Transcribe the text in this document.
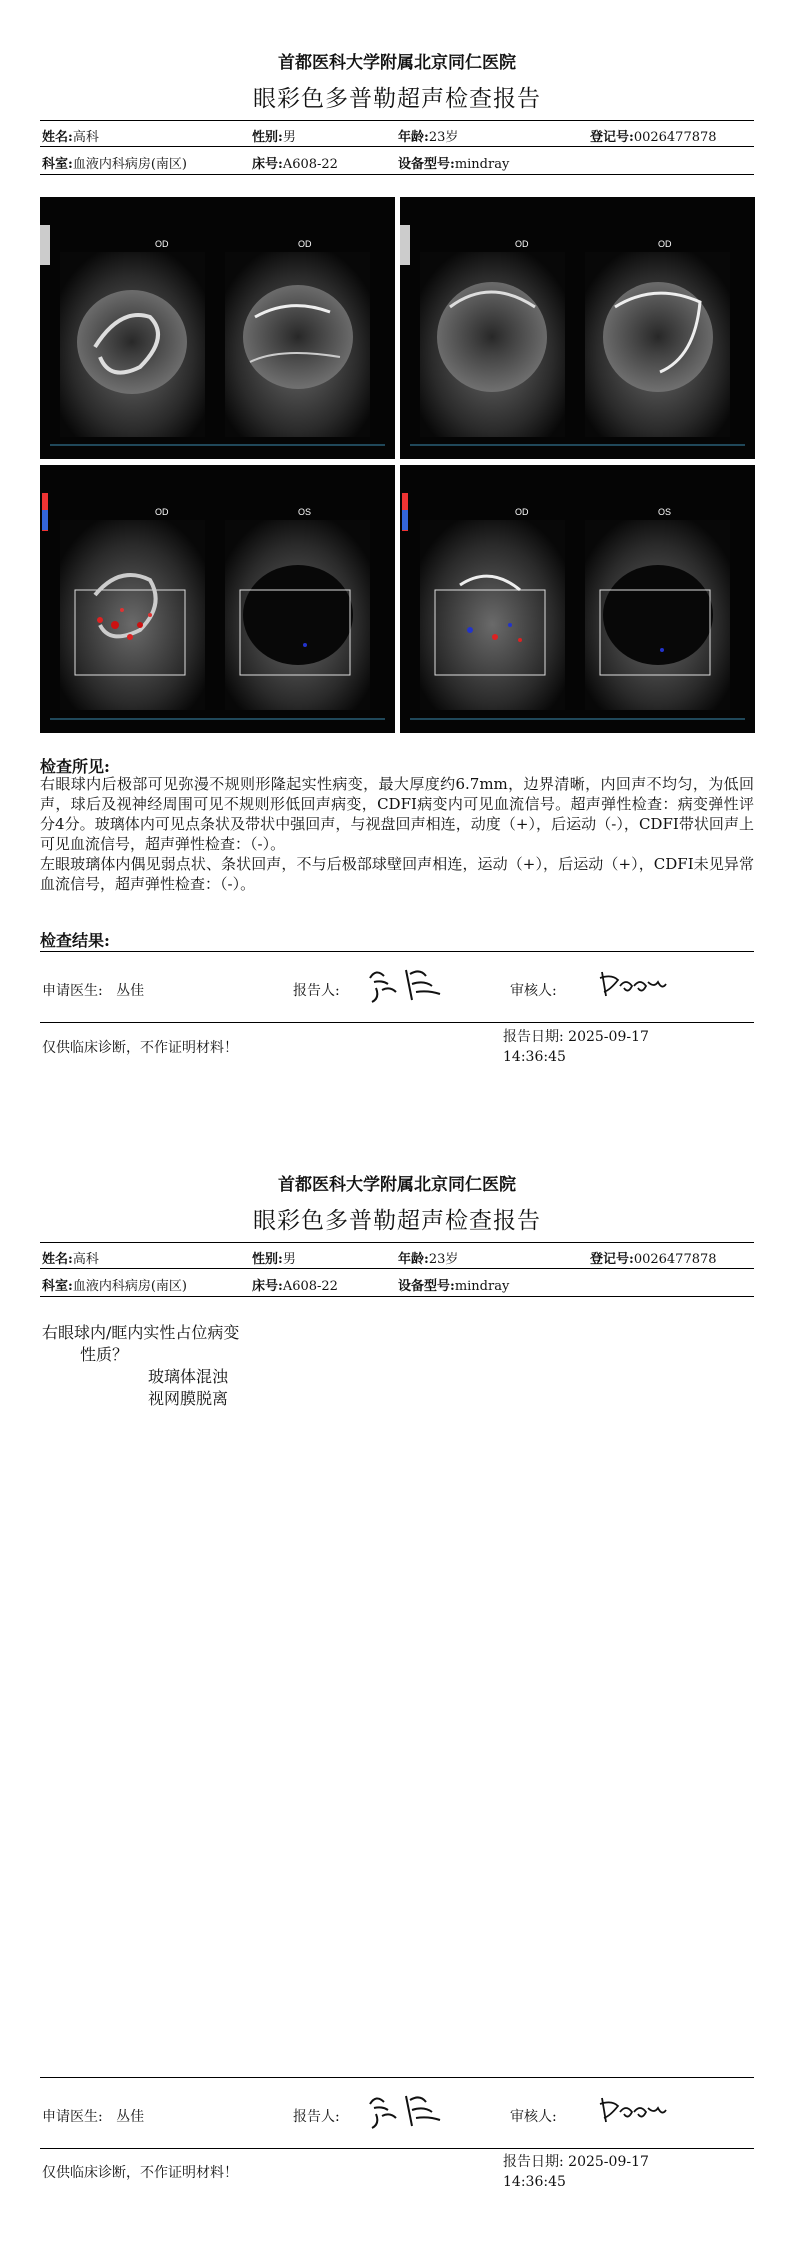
首都医科大学附属北京同仁医院
眼彩色多普勒超声检查报告
姓名:高科	性别:男	年龄:23岁	登记号:0026477878
科室:血液内科病房(南区)	床号:A608-22	设备型号:mindray
OD	OD	OD	OD
OD	OS	OD	OS
检查所见:

右眼球内后极部可见弥漫不规则形隆起实性病变，最大厚度约6.7mm，边界清晰，内回声不均匀，为低回声，球后及视神经周围可见不规则形低回声病变，CDFI病变内可见血流信号。超声弹性检查：病变弹性评分4分。玻璃体内可见点条状及带状中强回声，与视盘回声相连，动度（+），后运动（-），CDFI带状回声上可见血流信号，超声弹性检查：（-）。

左眼玻璃体内偶见弱点状、条状回声，不与后极部球壁回声相连，运动（+），后运动（+），CDFI未见异常血流信号，超声弹性检查：（-）。

检查结果:
申请医生: 丛佳	报告人:	审核人:
仅供临床诊断，不作证明材料！
报告日期: 2025-09-17
14:36:45
首都医科大学附属北京同仁医院
眼彩色多普勒超声检查报告
姓名:高科	性别:男	年龄:23岁	登记号:0026477878
科室:血液内科病房(南区)	床号:A608-22	设备型号:mindray
右眼球内/眶内实性占位病变
性质？
玻璃体混浊
视网膜脱离
申请医生: 丛佳	报告人:	审核人:
仅供临床诊断，不作证明材料！
报告日期: 2025-09-17
14:36:45
